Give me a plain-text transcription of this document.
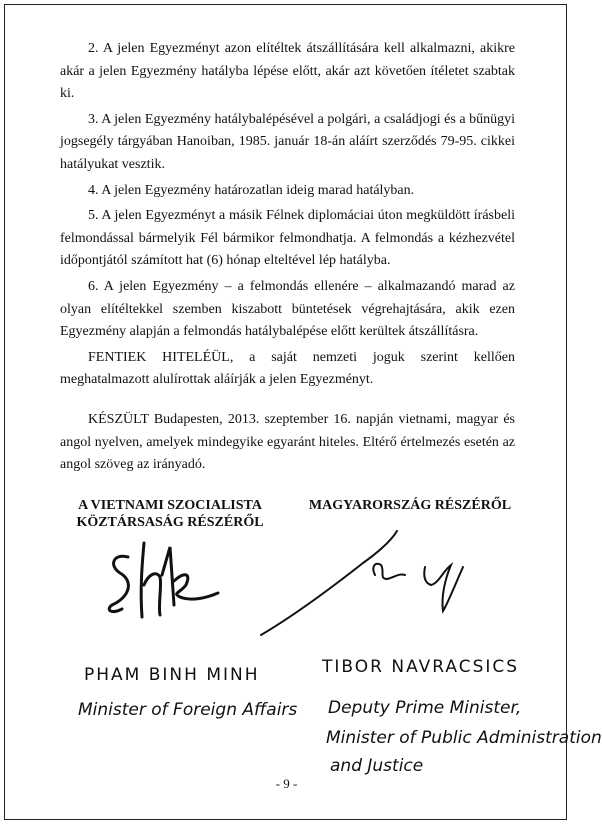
2. A jelen Egyezményt azon elítéltek átszállítására kell alkalmazni, akikre akár a jelen Egyezmény hatályba lépése előtt, akár azt követően ítéletet szabtak ki.

3. A jelen Egyezmény hatálybalépésével a polgári, a családjogi és a bűnügyi jogsegély tárgyában Hanoiban, 1985. január 18-án aláírt szerződés 79-95. cikkei hatályukat vesztik.

4. A jelen Egyezmény határozatlan ideig marad hatályban.

5. A jelen Egyezményt a másik Félnek diplomáciai úton megküldött írásbeli felmondással bármelyik Fél bármikor felmondhatja. A felmondás a kézhezvétel időpontjától számított hat (6) hónap elteltével lép hatályba.

6. A jelen Egyezmény – a felmondás ellenére – alkalmazandó marad az olyan elítéltekkel szemben kiszabott büntetések végrehajtására, akik ezen Egyezmény alapján a felmondás hatálybalépése előtt kerültek átszállításra.

FENTIEK HITELÉÜL, a saját nemzeti joguk szerint kellően meghatalmazott alulírottak aláírják a jelen Egyezményt.

KÉSZÜLT Budapesten, 2013. szeptember 16. napján vietnami, magyar és angol nyelven, amelyek mindegyike egyaránt hiteles. Eltérő értelmezés esetén az angol szöveg az irányadó.

A VIETNAMI SZOCIALISTA
KÖZTÁRSASÁG RÉSZÉRŐL
MAGYARORSZÁG RÉSZÉRŐL
PHAM BINH MINH
Minister of Foreign Affairs
TIBOR NAVRACSICS
Deputy Prime Minister,
Minister of Public Administration
and Justice
- 9 -
